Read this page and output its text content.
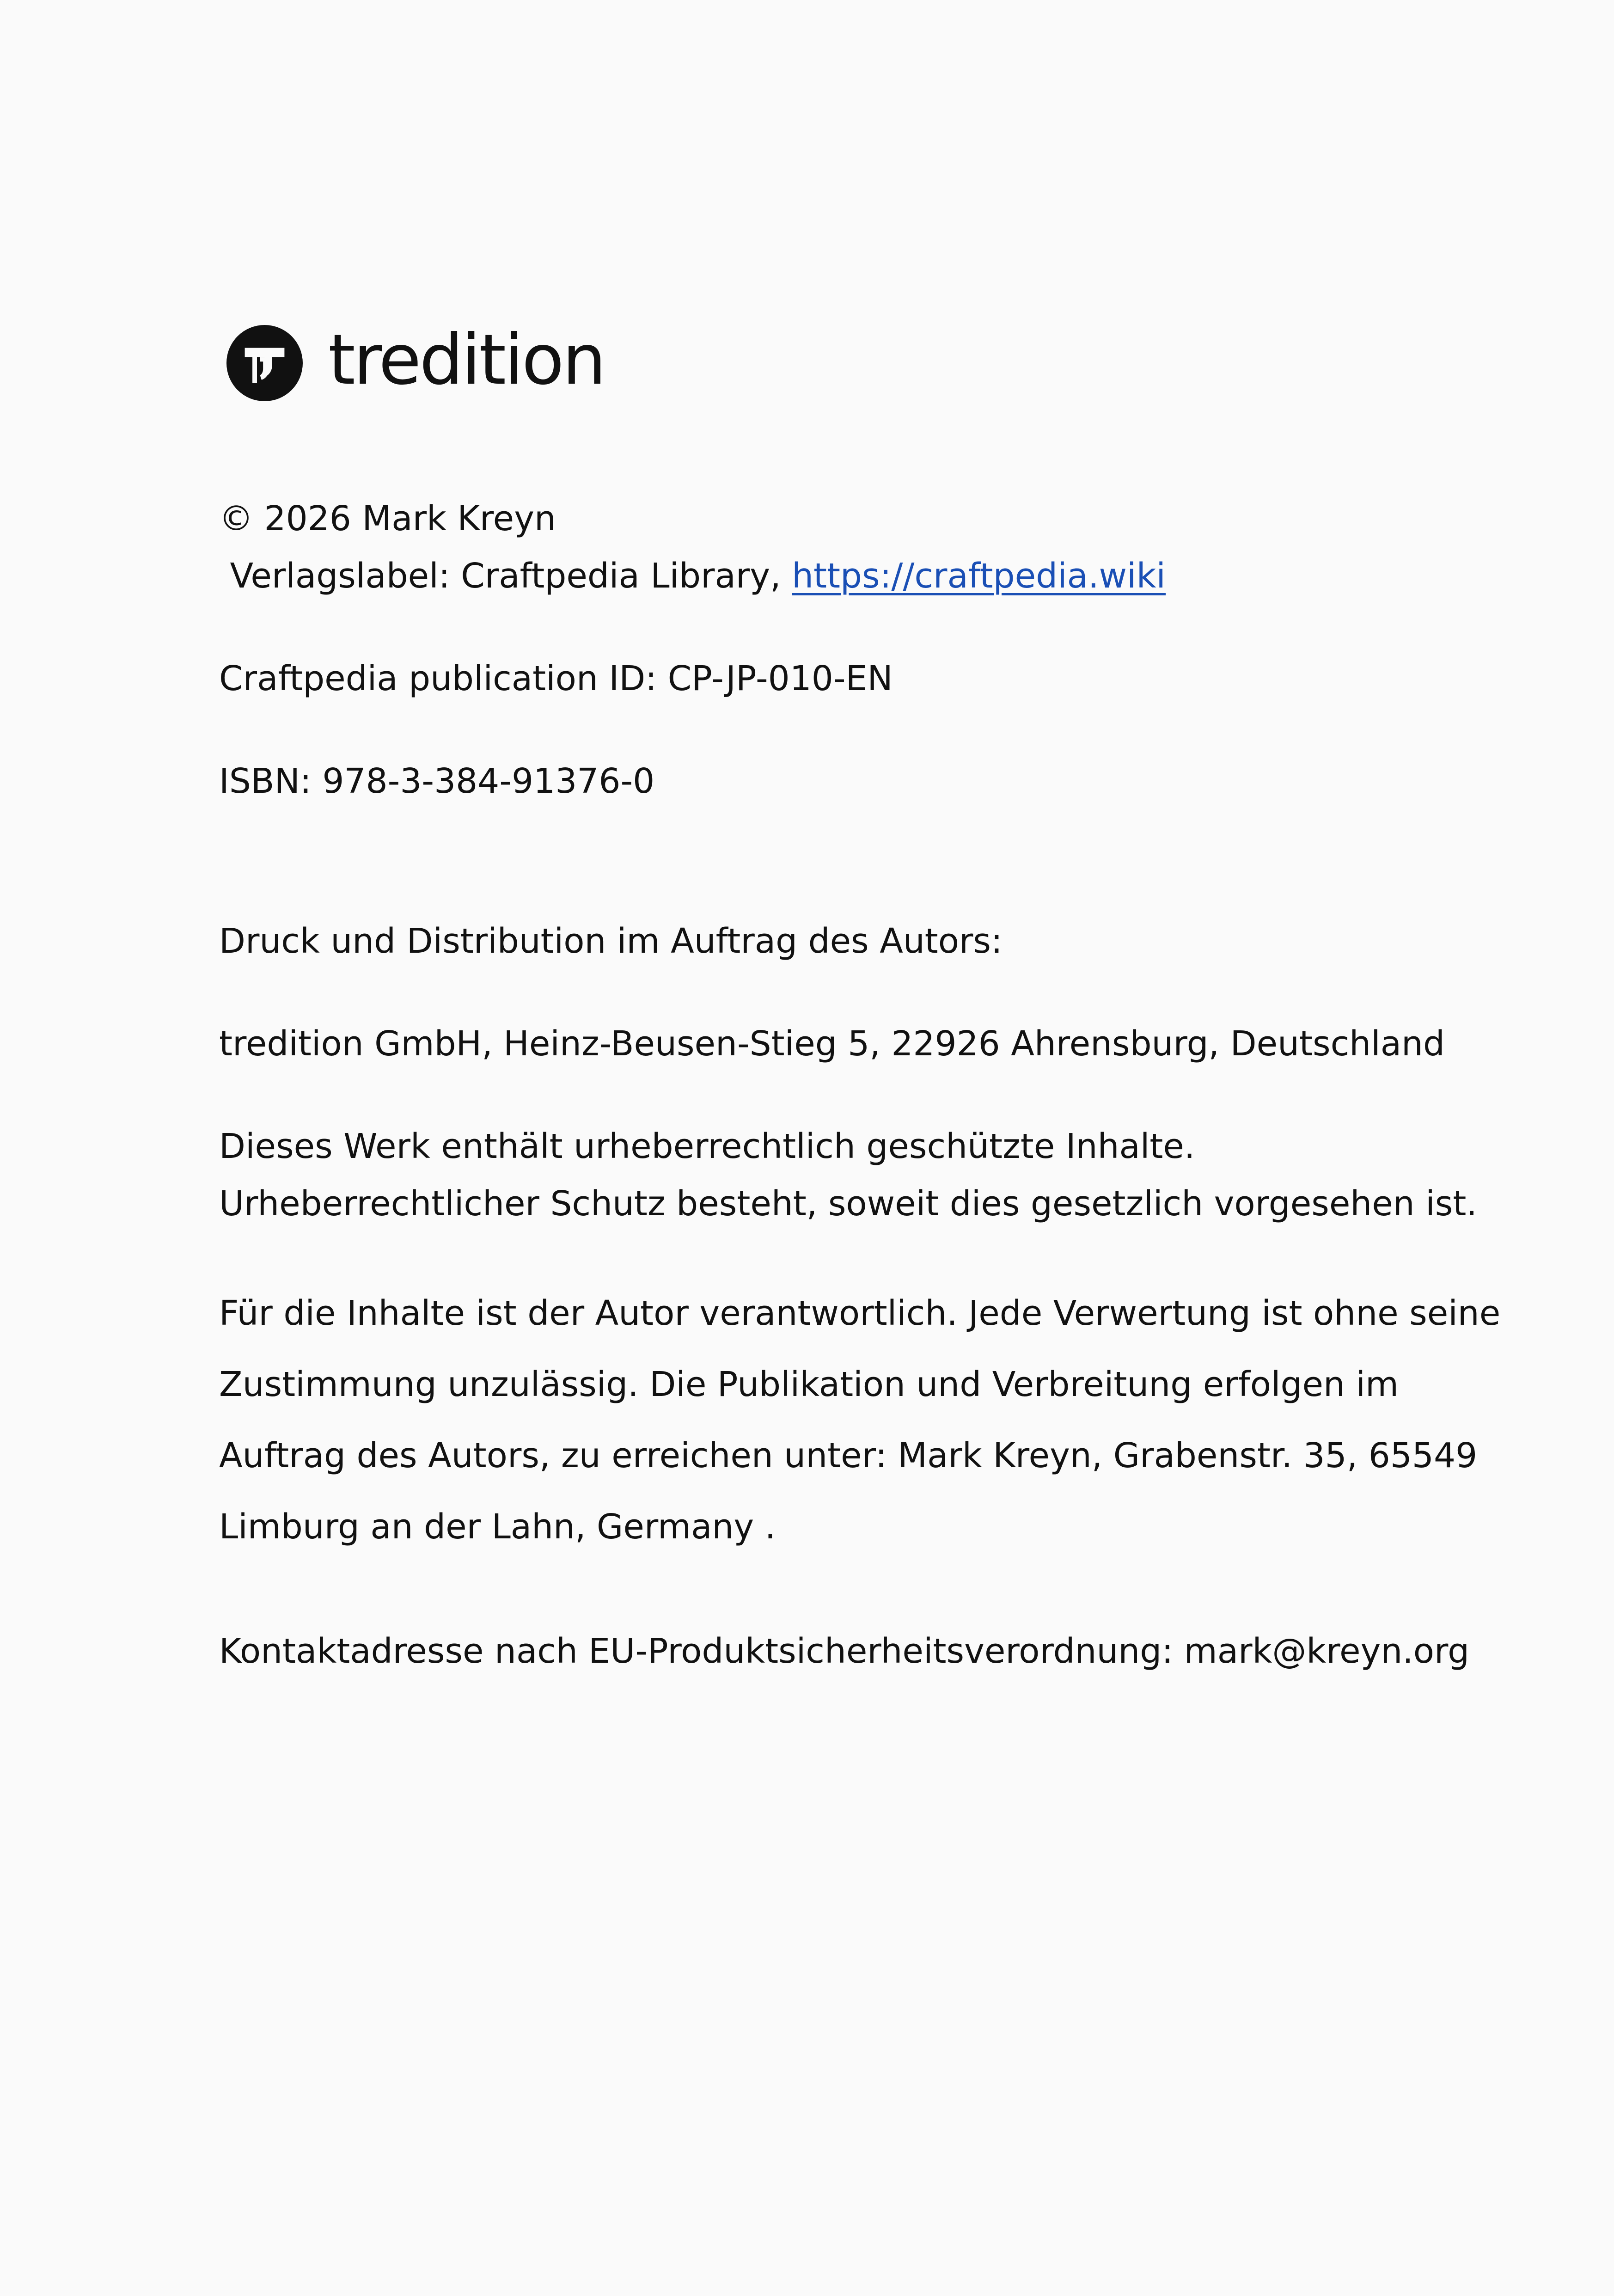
tredition
© 2026 Mark Kreyn
Verlagslabel: Craftpedia Library, https://craftpedia.wiki
Craftpedia publication ID: CP-JP-010-EN
ISBN: 978-3-384-91376-0
Druck und Distribution im Auftrag des Autors:
tredition GmbH, Heinz-Beusen-Stieg 5, 22926 Ahrensburg, Deutschland
Dieses Werk enthält urheberrechtlich geschützte Inhalte.
Urheberrechtlicher Schutz besteht, soweit dies gesetzlich vorgesehen ist.
Für die Inhalte ist der Autor verantwortlich. Jede Verwertung ist ohne seine
Zustimmung unzulässig. Die Publikation und Verbreitung erfolgen im
Auftrag des Autors, zu erreichen unter: Mark Kreyn, Grabenstr. 35, 65549
Limburg an der Lahn, Germany .
Kontaktadresse nach EU-Produktsicherheitsverordnung: mark@kreyn.org
